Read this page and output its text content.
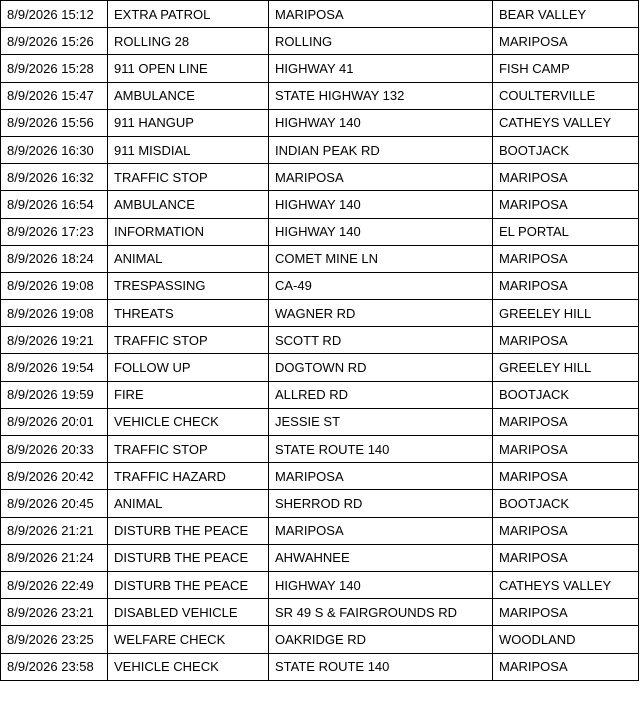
8/9/2026 15:12	EXTRA PATROL	MARIPOSA	BEAR VALLEY
8/9/2026 15:26	ROLLING 28	ROLLING	MARIPOSA
8/9/2026 15:28	911 OPEN LINE	HIGHWAY 41	FISH CAMP
8/9/2026 15:47	AMBULANCE	STATE HIGHWAY 132	COULTERVILLE
8/9/2026 15:56	911 HANGUP	HIGHWAY 140	CATHEYS VALLEY
8/9/2026 16:30	911 MISDIAL	INDIAN PEAK RD	BOOTJACK
8/9/2026 16:32	TRAFFIC STOP	MARIPOSA	MARIPOSA
8/9/2026 16:54	AMBULANCE	HIGHWAY 140	MARIPOSA
8/9/2026 17:23	INFORMATION	HIGHWAY 140	EL PORTAL
8/9/2026 18:24	ANIMAL	COMET MINE LN	MARIPOSA
8/9/2026 19:08	TRESPASSING	CA-49	MARIPOSA
8/9/2026 19:08	THREATS	WAGNER RD	GREELEY HILL
8/9/2026 19:21	TRAFFIC STOP	SCOTT RD	MARIPOSA
8/9/2026 19:54	FOLLOW UP	DOGTOWN RD	GREELEY HILL
8/9/2026 19:59	FIRE	ALLRED RD	BOOTJACK
8/9/2026 20:01	VEHICLE CHECK	JESSIE ST	MARIPOSA
8/9/2026 20:33	TRAFFIC STOP	STATE ROUTE 140	MARIPOSA
8/9/2026 20:42	TRAFFIC HAZARD	MARIPOSA	MARIPOSA
8/9/2026 20:45	ANIMAL	SHERROD RD	BOOTJACK
8/9/2026 21:21	DISTURB THE PEACE	MARIPOSA	MARIPOSA
8/9/2026 21:24	DISTURB THE PEACE	AHWAHNEE	MARIPOSA
8/9/2026 22:49	DISTURB THE PEACE	HIGHWAY 140	CATHEYS VALLEY
8/9/2026 23:21	DISABLED VEHICLE	SR 49 S & FAIRGROUNDS RD	MARIPOSA
8/9/2026 23:25	WELFARE CHECK	OAKRIDGE RD	WOODLAND
8/9/2026 23:58	VEHICLE CHECK	STATE ROUTE 140	MARIPOSA
